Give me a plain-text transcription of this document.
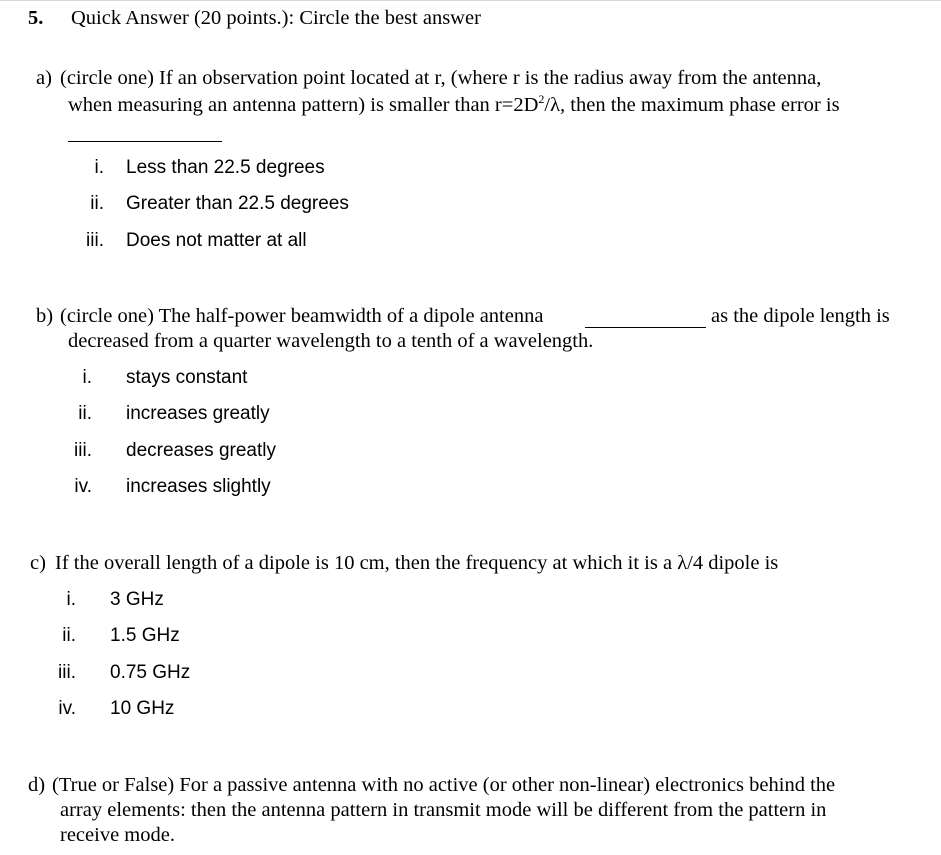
5. Quick Answer (20 points.): Circle the best answer
a) (circle one) If an observation point located at r, (where r is the radius away from the antenna,
when measuring an antenna pattern) is smaller than $r=2D^2/\lambda$, then the maximum phase error is
i. Less than 22.5 degrees
ii. Greater than 22.5 degrees
iii. Does not matter at all
b) (circle one) The half-power beamwidth of a dipole antenna	as the dipole length is
decreased from a quarter wavelength to a tenth of a wavelength.
i. stays constant
ii. increases greatly
iii. decreases greatly
iv. increases slightly
c) If the overall length of a dipole is 10 cm, then the frequency at which it is a λ/4 dipole is
i. 3 GHz
ii. 1.5 GHz
iii. 0.75 GHz
iv. 10 GHz
d) (True or False) For a passive antenna with no active (or other non-linear) electronics behind the
array elements: then the antenna pattern in transmit mode will be different from the pattern in
receive mode.
